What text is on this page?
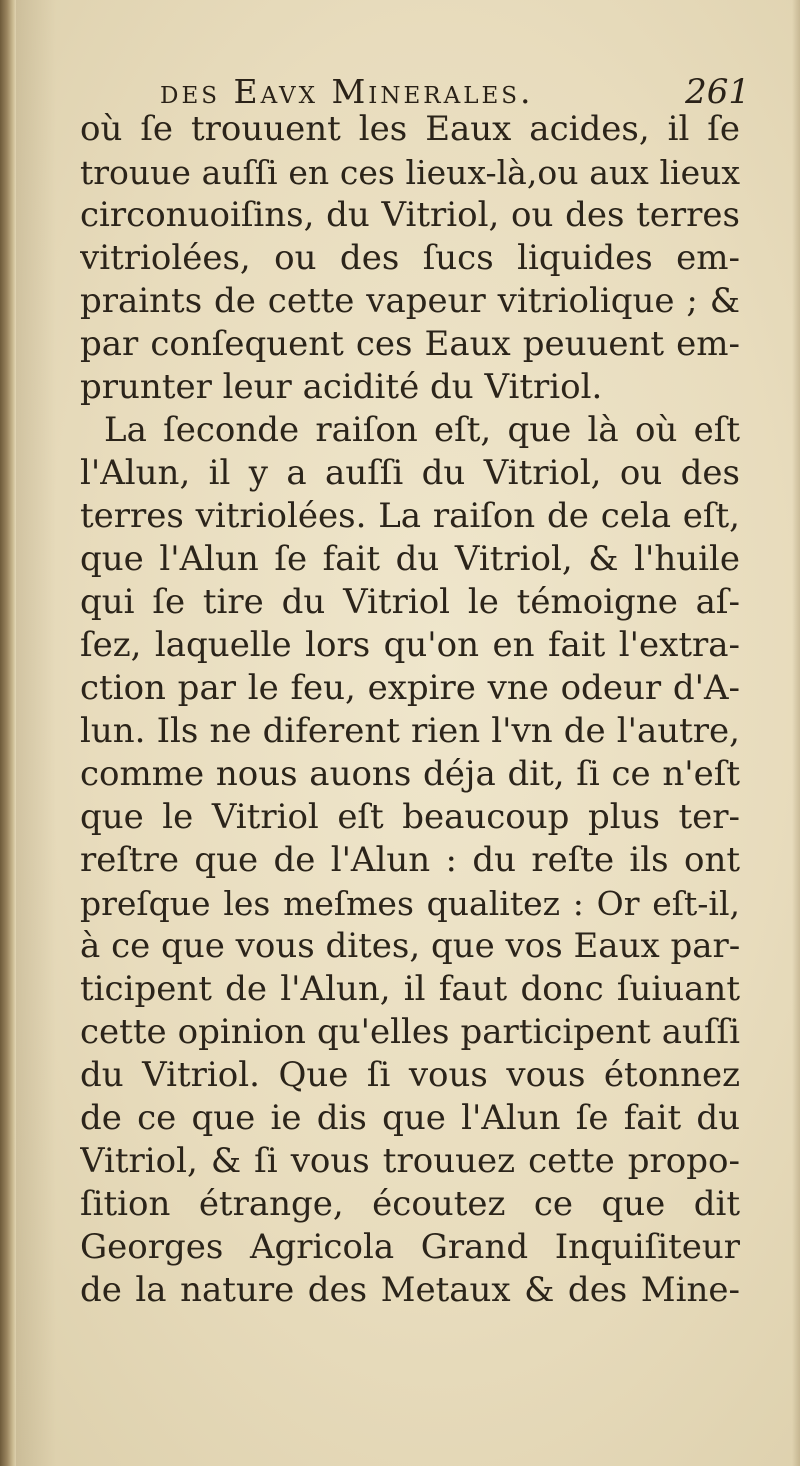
des Eavx Minerales.	261
où ſe trouuent les Eaux acides, il ſe
trouue auſſi en ces lieux-là,ou aux lieux
circonuoiſins, du Vitriol, ou des terres
vitriolées, ou des ſucs liquides em-
praints de cette vapeur vitriolique ; &
par conſequent ces Eaux peuuent em-
prunter leur acidité du Vitriol.
La ſeconde raiſon eſt, que là où eſt
l'Alun, il y a auſſi du Vitriol, ou des
terres vitriolées. La raiſon de cela eſt,
que l'Alun ſe fait du Vitriol, & l'huile
qui ſe tire du Vitriol le témoigne aſ-
ſez, laquelle lors qu'on en fait l'extra-
ction par le feu, expire vne odeur d'A-
lun. Ils ne diferent rien l'vn de l'autre,
comme nous auons déja dit, ſi ce n'eſt
que le Vitriol eſt beaucoup plus ter-
reſtre que de l'Alun : du reſte ils ont
preſque les meſmes qualitez : Or eſt-il,
à ce que vous dites, que vos Eaux par-
ticipent de l'Alun, il faut donc ſuiuant
cette opinion qu'elles participent auſſi
du Vitriol. Que ſi vous vous étonnez
de ce que ie dis que l'Alun ſe fait du
Vitriol, & ſi vous trouuez cette propo-
ſition étrange, écoutez ce que dit
Georges Agricola Grand Inquiſiteur
de la nature des Metaux & des Mine-
